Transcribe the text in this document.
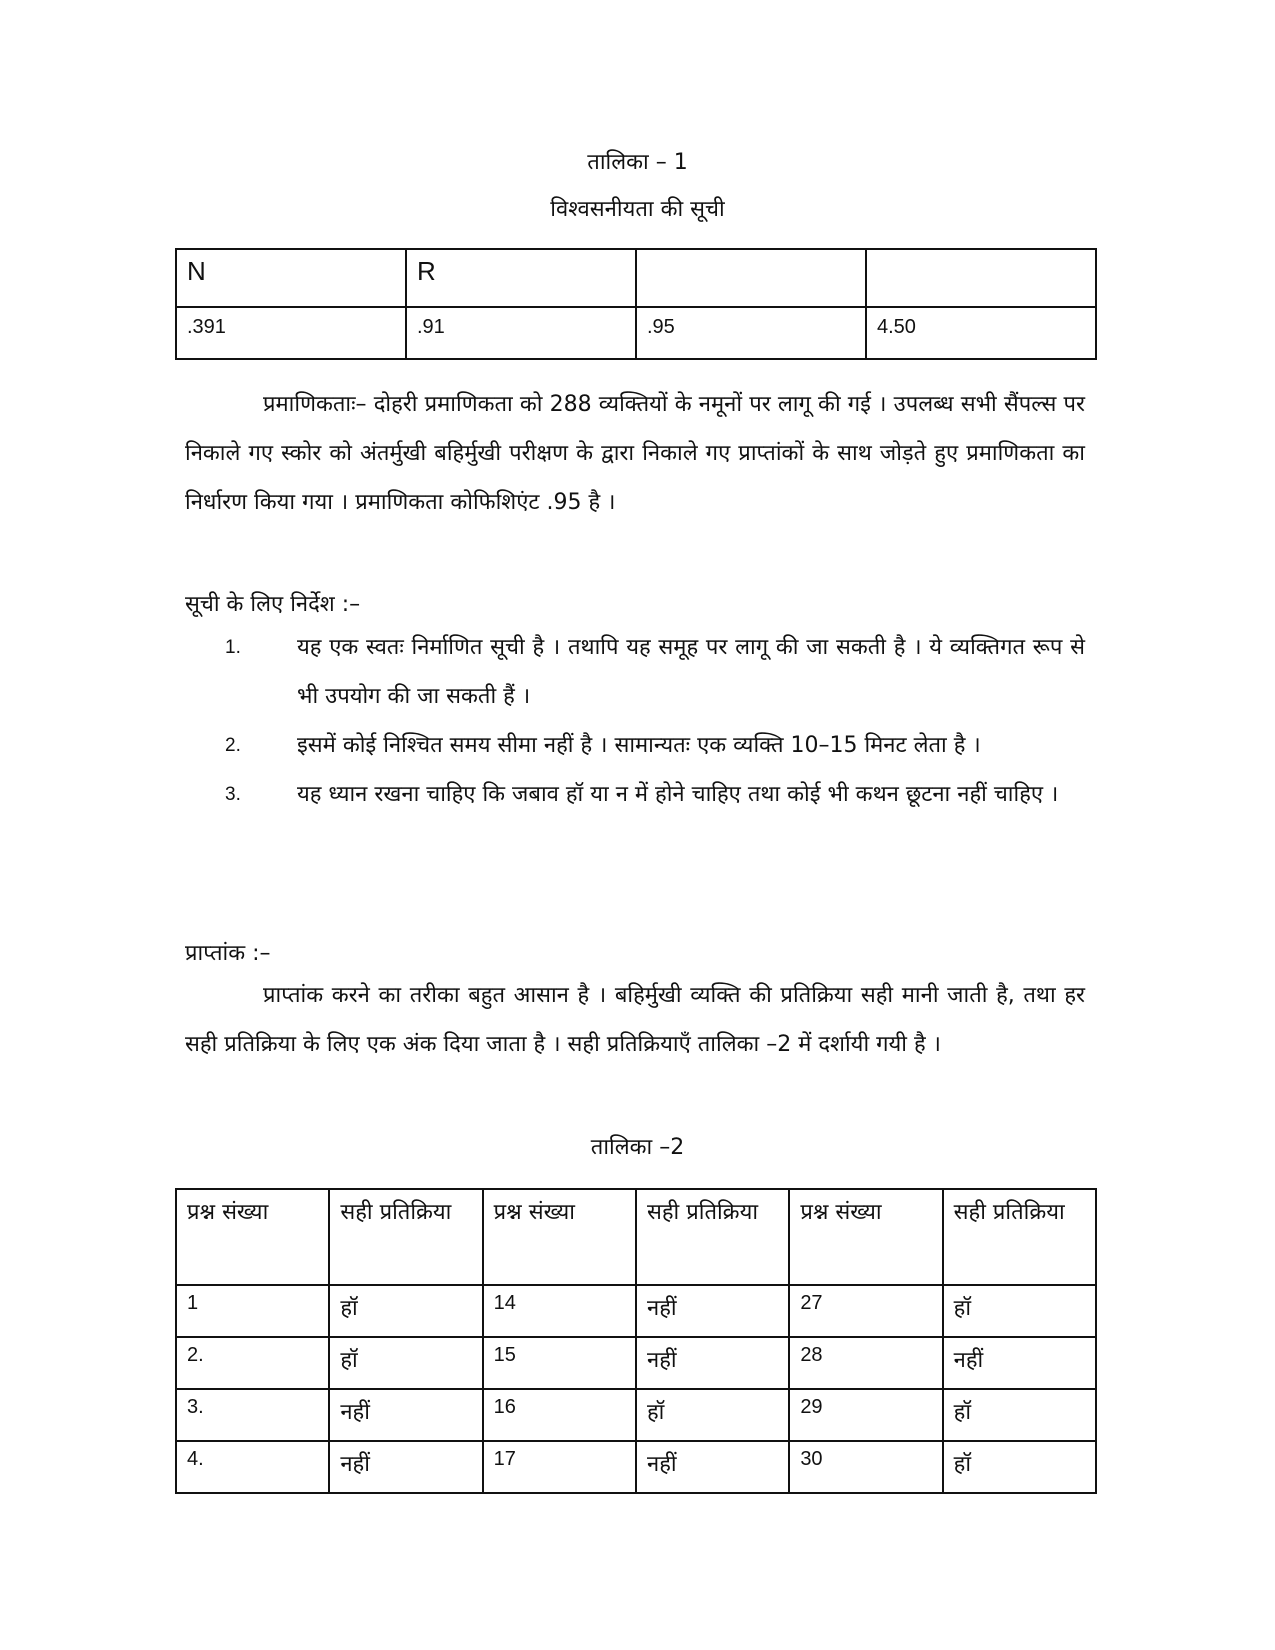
तालिका – 1
विश्वसनीयता की सूची
N	R		
.391	.91	.95	4.50
प्रमाणिकताः– दोहरी प्रमाणिकता को 288 व्यक्तियों के नमूनों पर लागू की गई । उपलब्ध सभी सैंपल्स पर निकाले गए स्कोर को अंतर्मुखी बहिर्मुखी परीक्षण के द्वारा निकाले गए प्राप्तांकों के साथ जोड़ते हुए प्रमाणिकता का निर्धारण किया गया । प्रमाणिकता कोफिशिएंट .95 है ।
सूची के लिए निर्देश :–
1.	यह एक स्वतः निर्माणित सूची है । तथापि यह समूह पर लागू की जा सकती है । ये व्यक्तिगत रूप से भी उपयोग की जा सकती हैं ।
2.	इसमें कोई निश्चित समय सीमा नहीं है । सामान्यतः एक व्यक्ति 10–15 मिनट लेता है ।
3.	यह ध्यान रखना चाहिए कि जबाव हॉ या न में होने चाहिए तथा कोई भी कथन छूटना नहीं चाहिए ।
प्राप्तांक :–
प्राप्तांक करने का तरीका बहुत आसान है । बहिर्मुखी व्यक्ति की प्रतिक्रिया सही मानी जाती है, तथा हर सही प्रतिक्रिया के लिए एक अंक दिया जाता है । सही प्रतिक्रियाएँ तालिका –2 में दर्शायी गयी है ।
तालिका –2
प्रश्न संख्या	सही प्रतिक्रिया	प्रश्न संख्या	सही प्रतिक्रिया	प्रश्न संख्या	सही प्रतिक्रिया
1	हॉ	14	नहीं	27	हॉ
2.	हॉ	15	नहीं	28	नहीं
3.	नहीं	16	हॉ	29	हॉ
4.	नहीं	17	नहीं	30	हॉ
